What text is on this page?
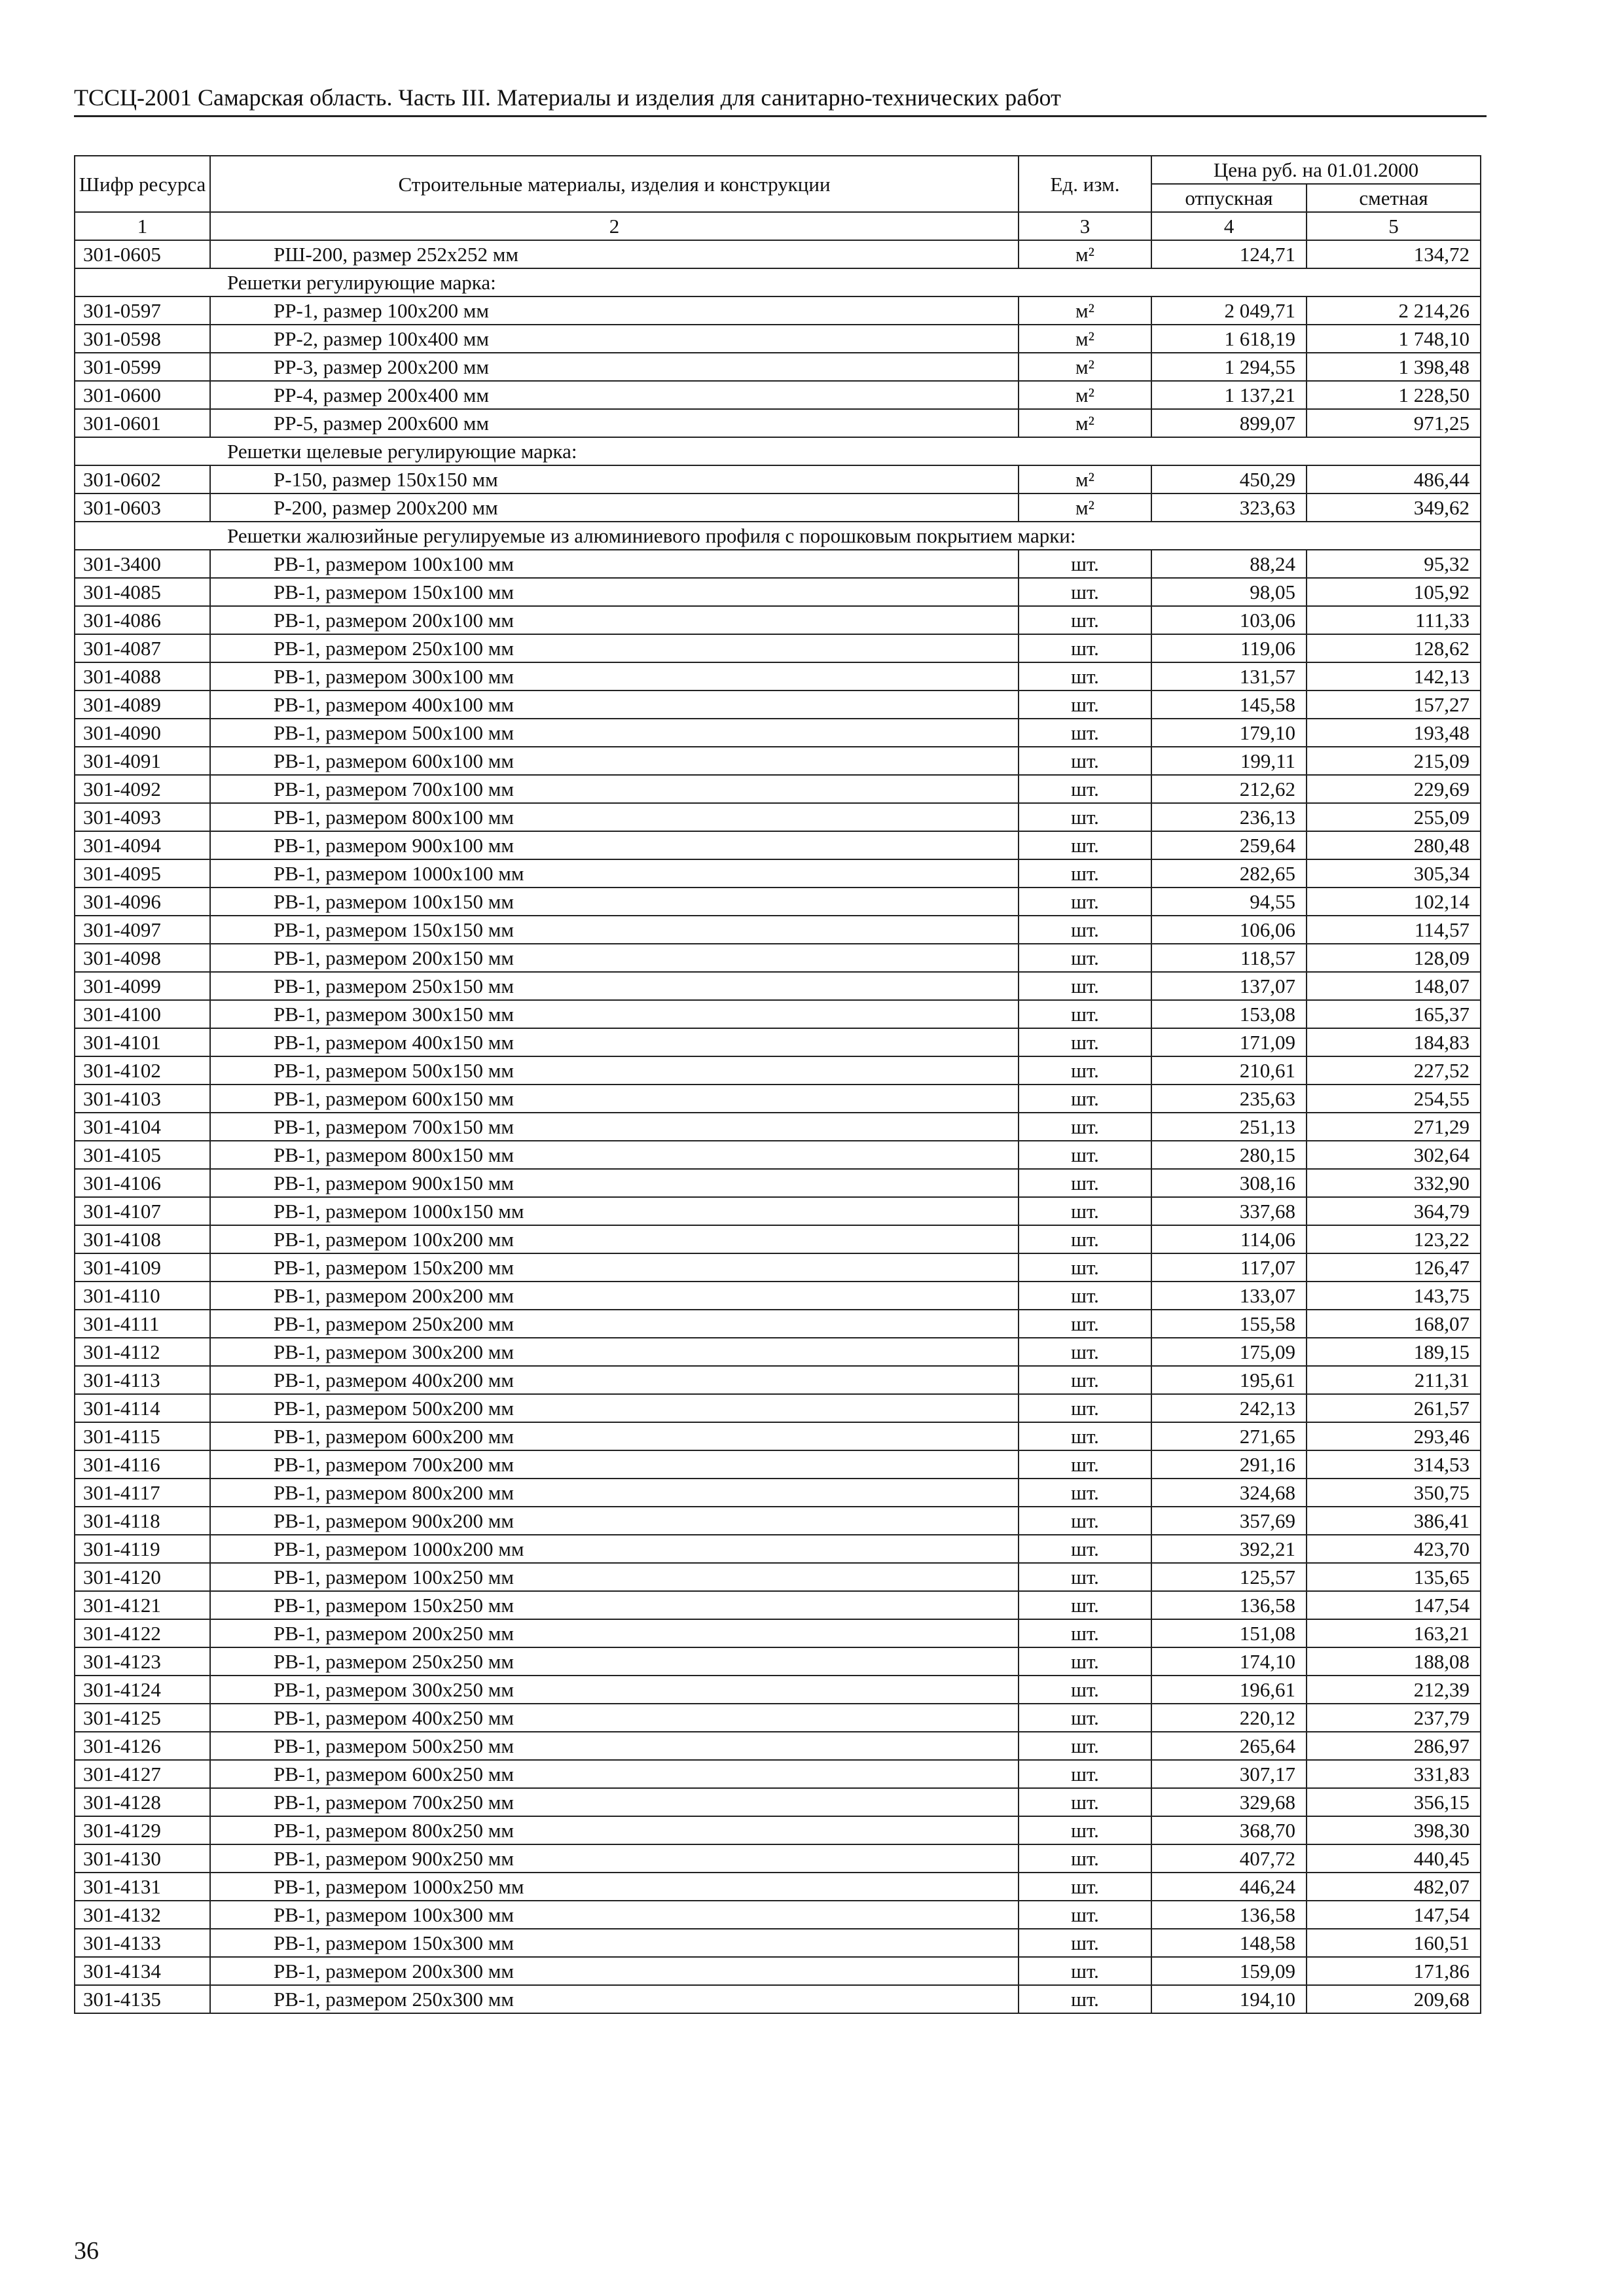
ТССЦ-2001 Самарская область. Часть III. Материалы и изделия для санитарно-технических работ
Шифр ресурса	Строительные материалы, изделия и конструкции	Ед. изм.	Цена руб. на 01.01.2000	
			отпускная	сметная
1	2	3	4	5
301-0605	РШ-200, размер 252х252 мм	м²	124,71	134,72
Решетки регулирующие марка:				
301-0597	РР-1, размер 100х200 мм	м²	2 049,71	2 214,26
301-0598	РР-2, размер 100х400 мм	м²	1 618,19	1 748,10
301-0599	РР-3, размер 200х200 мм	м²	1 294,55	1 398,48
301-0600	РР-4, размер 200х400 мм	м²	1 137,21	1 228,50
301-0601	РР-5, размер 200х600 мм	м²	899,07	971,25
Решетки щелевые регулирующие марка:				
301-0602	Р-150, размер 150х150 мм	м²	450,29	486,44
301-0603	Р-200, размер 200х200 мм	м²	323,63	349,62
Решетки жалюзийные регулируемые из алюминиевого профиля с порошковым покрытием марки:				
301-3400	РВ-1, размером 100х100 мм	шт.	88,24	95,32
301-4085	РВ-1, размером 150х100 мм	шт.	98,05	105,92
301-4086	РВ-1, размером 200х100 мм	шт.	103,06	111,33
301-4087	РВ-1, размером 250х100 мм	шт.	119,06	128,62
301-4088	РВ-1, размером 300х100 мм	шт.	131,57	142,13
301-4089	РВ-1, размером 400х100 мм	шт.	145,58	157,27
301-4090	РВ-1, размером 500х100 мм	шт.	179,10	193,48
301-4091	РВ-1, размером 600х100 мм	шт.	199,11	215,09
301-4092	РВ-1, размером 700х100 мм	шт.	212,62	229,69
301-4093	РВ-1, размером 800х100 мм	шт.	236,13	255,09
301-4094	РВ-1, размером 900х100 мм	шт.	259,64	280,48
301-4095	РВ-1, размером 1000х100 мм	шт.	282,65	305,34
301-4096	РВ-1, размером 100х150 мм	шт.	94,55	102,14
301-4097	РВ-1, размером 150х150 мм	шт.	106,06	114,57
301-4098	РВ-1, размером 200х150 мм	шт.	118,57	128,09
301-4099	РВ-1, размером 250х150 мм	шт.	137,07	148,07
301-4100	РВ-1, размером 300х150 мм	шт.	153,08	165,37
301-4101	РВ-1, размером 400х150 мм	шт.	171,09	184,83
301-4102	РВ-1, размером 500х150 мм	шт.	210,61	227,52
301-4103	РВ-1, размером 600х150 мм	шт.	235,63	254,55
301-4104	РВ-1, размером 700х150 мм	шт.	251,13	271,29
301-4105	РВ-1, размером 800х150 мм	шт.	280,15	302,64
301-4106	РВ-1, размером 900х150 мм	шт.	308,16	332,90
301-4107	РВ-1, размером 1000х150 мм	шт.	337,68	364,79
301-4108	РВ-1, размером 100х200 мм	шт.	114,06	123,22
301-4109	РВ-1, размером 150х200 мм	шт.	117,07	126,47
301-4110	РВ-1, размером 200х200 мм	шт.	133,07	143,75
301-4111	РВ-1, размером 250х200 мм	шт.	155,58	168,07
301-4112	РВ-1, размером 300х200 мм	шт.	175,09	189,15
301-4113	РВ-1, размером 400х200 мм	шт.	195,61	211,31
301-4114	РВ-1, размером 500х200 мм	шт.	242,13	261,57
301-4115	РВ-1, размером 600х200 мм	шт.	271,65	293,46
301-4116	РВ-1, размером 700х200 мм	шт.	291,16	314,53
301-4117	РВ-1, размером 800х200 мм	шт.	324,68	350,75
301-4118	РВ-1, размером 900х200 мм	шт.	357,69	386,41
301-4119	РВ-1, размером 1000х200 мм	шт.	392,21	423,70
301-4120	РВ-1, размером 100х250 мм	шт.	125,57	135,65
301-4121	РВ-1, размером 150х250 мм	шт.	136,58	147,54
301-4122	РВ-1, размером 200х250 мм	шт.	151,08	163,21
301-4123	РВ-1, размером 250х250 мм	шт.	174,10	188,08
301-4124	РВ-1, размером 300х250 мм	шт.	196,61	212,39
301-4125	РВ-1, размером 400х250 мм	шт.	220,12	237,79
301-4126	РВ-1, размером 500х250 мм	шт.	265,64	286,97
301-4127	РВ-1, размером 600х250 мм	шт.	307,17	331,83
301-4128	РВ-1, размером 700х250 мм	шт.	329,68	356,15
301-4129	РВ-1, размером 800х250 мм	шт.	368,70	398,30
301-4130	РВ-1, размером 900х250 мм	шт.	407,72	440,45
301-4131	РВ-1, размером 1000х250 мм	шт.	446,24	482,07
301-4132	РВ-1, размером 100х300 мм	шт.	136,58	147,54
301-4133	РВ-1, размером 150х300 мм	шт.	148,58	160,51
301-4134	РВ-1, размером 200х300 мм	шт.	159,09	171,86
301-4135	РВ-1, размером 250х300 мм	шт.	194,10	209,68
36
